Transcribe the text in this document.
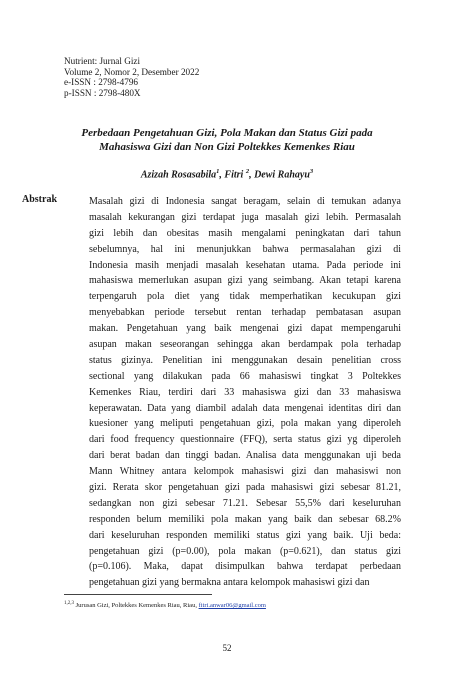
Nutrient: Jurnal Gizi
Volume 2, Nomor 2, Desember 2022
e-ISSN : 2798-4796
p-ISSN : 2798-480X
Perbedaan Pengetahuan Gizi, Pola Makan dan Status Gizi pada
Mahasiswa Gizi dan Non Gizi Poltekkes Kemenkes Riau
Azizah Rosasabila$^1$, Fitri $^2$, Dewi Rahayu$^3$
Abstrak	Masalah gizi di Indonesia sangat beragam, selain di temukan adanya
masalah kekurangan gizi terdapat juga masalah gizi lebih. Permasalah
gizi lebih dan obesitas masih mengalami peningkatan dari tahun
sebelumnya, hal ini menunjukkan bahwa permasalahan gizi di
Indonesia masih menjadi masalah kesehatan utama. Pada periode ini
mahasiswa memerlukan asupan gizi yang seimbang. Akan tetapi karena
terpengaruh pola diet yang tidak memperhatikan kecukupan gizi
menyebabkan periode tersebut rentan terhadap pembatasan asupan
makan. Pengetahuan yang baik mengenai gizi dapat mempengaruhi
asupan makan seseorangan sehingga akan berdampak pola terhadap
status gizinya. Penelitian ini menggunakan desain penelitian cross
sectional yang dilakukan pada 66 mahasiswi tingkat 3 Poltekkes
Kemenkes Riau, terdiri dari 33 mahasiswa gizi dan 33 mahasiswa
keperawatan. Data yang diambil adalah data mengenai identitas diri dan
kuesioner yang meliputi pengetahuan gizi, pola makan yang diperoleh
dari food frequency questionnaire (FFQ), serta status gizi yg diperoleh
dari berat badan dan tinggi badan. Analisa data menggunakan uji beda
Mann Whitney antara kelompok mahasiswi gizi dan mahasiswi non
gizi. Rerata skor pengetahuan gizi pada mahasiswi gizi sebesar 81.21,
sedangkan non gizi sebesar 71.21. Sebesar 55,5% dari keseluruhan
responden belum memiliki pola makan yang baik dan sebesar 68.2%
dari keseluruhan responden memiliki status gizi yang baik. Uji beda:
pengetahuan gizi (p=0.00), pola makan (p=0.621), dan status gizi
(p=0.106). Maka, dapat disimpulkan bahwa terdapat perbedaan
pengetahuan gizi yang bermakna antara kelompok mahasiswi gizi dan
$^{1,2,3}$ Jurusan Gizi, Poltekkes Kemenkes Riau, Riau, fitri.anwar06@gmail.com
52
